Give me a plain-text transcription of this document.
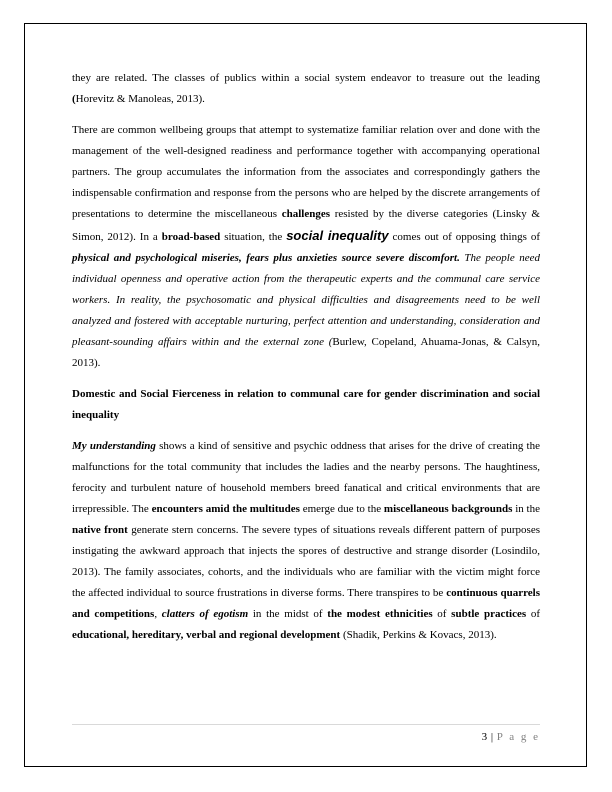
they are related. The classes of publics within a social system endeavor to treasure out the leading (Horevitz & Manoleas, 2013).

There are common wellbeing groups that attempt to systematize familiar relation over and done with the management of the well-designed readiness and performance together with accompanying operational partners. The group accumulates the information from the associates and correspondingly gathers the indispensable confirmation and response from the persons who are helped by the discrete arrangements of presentations to determine the miscellaneous challenges resisted by the diverse categories (Linsky & Simon, 2012). In a broad-based situation, the social inequality comes out of opposing things of physical and psychological miseries, fears plus anxieties source severe discomfort. The people need individual openness and operative action from the therapeutic experts and the communal care service workers. In reality, the psychosomatic and physical difficulties and disagreements need to be well analyzed and fostered with acceptable nurturing, perfect attention and understanding, consideration and pleasant-sounding affairs within and the external zone (Burlew, Copeland, Ahuama-Jonas, & Calsyn, 2013).

Domestic and Social Fierceness in relation to communal care for gender discrimination and social inequality

My understanding shows a kind of sensitive and psychic oddness that arises for the drive of creating the malfunctions for the total community that includes the ladies and the nearby persons. The haughtiness, ferocity and turbulent nature of household members breed fanatical and critical environments that are irrepressible. The encounters amid the multitudes emerge due to the miscellaneous backgrounds in the native front generate stern concerns. The severe types of situations reveals different pattern of purposes instigating the awkward approach that injects the spores of destructive and strange disorder (Losindilo, 2013). The family associates, cohorts, and the individuals who are familiar with the victim might force the affected individual to source frustrations in diverse forms. There transpires to be continuous quarrels and competitions, clatters of egotism in the midst of the modest ethnicities of subtle practices of educational, hereditary, verbal and regional development (Shadik, Perkins & Kovacs, 2013).

3 | P a g e
